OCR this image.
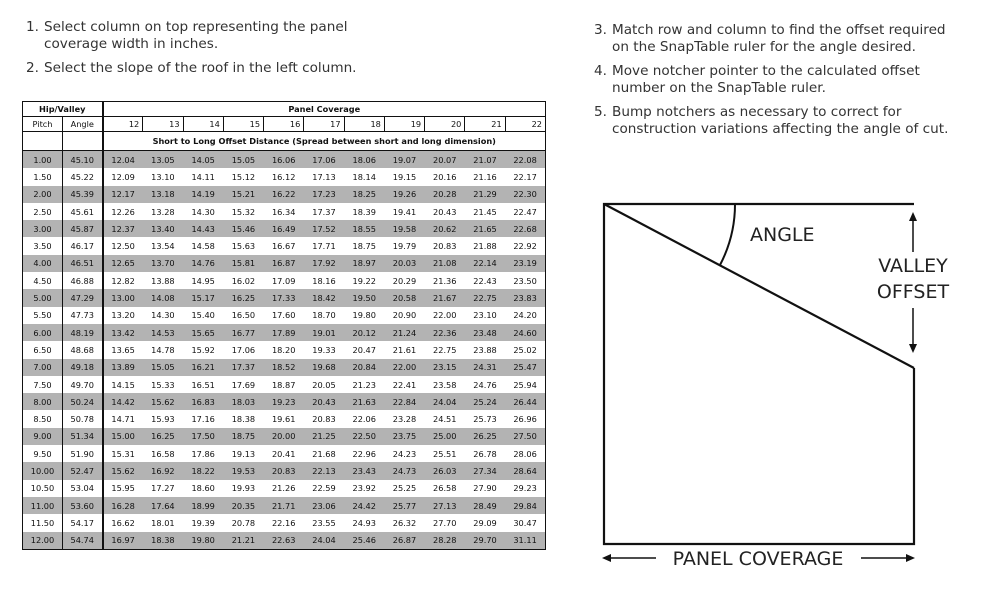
1. Select column on top representing the panel coverage width in inches.
2. Select the slope of the roof in the left column.
3. Match row and column to find the offset required on the SnapTable ruler for the angle desired.
4. Move notcher pointer to the calculated offset number on the SnapTable ruler.
5. Bump notchers as necessary to correct for construction variations affecting the angle of cut.
Hip/Valley		Panel Coverage										
Pitch	Angle	12	13	14	15	16	17	18	19	20	21	22
		Short to Long Offset Distance (Spread between short and long dimension)										
1.00	45.10	12.04	13.05	14.05	15.05	16.06	17.06	18.06	19.07	20.07	21.07	22.08
1.50	45.22	12.09	13.10	14.11	15.12	16.12	17.13	18.14	19.15	20.16	21.16	22.17
2.00	45.39	12.17	13.18	14.19	15.21	16.22	17.23	18.25	19.26	20.28	21.29	22.30
2.50	45.61	12.26	13.28	14.30	15.32	16.34	17.37	18.39	19.41	20.43	21.45	22.47
3.00	45.87	12.37	13.40	14.43	15.46	16.49	17.52	18.55	19.58	20.62	21.65	22.68
3.50	46.17	12.50	13.54	14.58	15.63	16.67	17.71	18.75	19.79	20.83	21.88	22.92
4.00	46.51	12.65	13.70	14.76	15.81	16.87	17.92	18.97	20.03	21.08	22.14	23.19
4.50	46.88	12.82	13.88	14.95	16.02	17.09	18.16	19.22	20.29	21.36	22.43	23.50
5.00	47.29	13.00	14.08	15.17	16.25	17.33	18.42	19.50	20.58	21.67	22.75	23.83
5.50	47.73	13.20	14.30	15.40	16.50	17.60	18.70	19.80	20.90	22.00	23.10	24.20
6.00	48.19	13.42	14.53	15.65	16.77	17.89	19.01	20.12	21.24	22.36	23.48	24.60
6.50	48.68	13.65	14.78	15.92	17.06	18.20	19.33	20.47	21.61	22.75	23.88	25.02
7.00	49.18	13.89	15.05	16.21	17.37	18.52	19.68	20.84	22.00	23.15	24.31	25.47
7.50	49.70	14.15	15.33	16.51	17.69	18.87	20.05	21.23	22.41	23.58	24.76	25.94
8.00	50.24	14.42	15.62	16.83	18.03	19.23	20.43	21.63	22.84	24.04	25.24	26.44
8.50	50.78	14.71	15.93	17.16	18.38	19.61	20.83	22.06	23.28	24.51	25.73	26.96
9.00	51.34	15.00	16.25	17.50	18.75	20.00	21.25	22.50	23.75	25.00	26.25	27.50
9.50	51.90	15.31	16.58	17.86	19.13	20.41	21.68	22.96	24.23	25.51	26.78	28.06
10.00	52.47	15.62	16.92	18.22	19.53	20.83	22.13	23.43	24.73	26.03	27.34	28.64
10.50	53.04	15.95	17.27	18.60	19.93	21.26	22.59	23.92	25.25	26.58	27.90	29.23
11.00	53.60	16.28	17.64	18.99	20.35	21.71	23.06	24.42	25.77	27.13	28.49	29.84
11.50	54.17	16.62	18.01	19.39	20.78	22.16	23.55	24.93	26.32	27.70	29.09	30.47
12.00	54.74	16.97	18.38	19.80	21.21	22.63	24.04	25.46	26.87	28.28	29.70	31.11
ANGLE
VALLEY
OFFSET
PANEL COVERAGE
